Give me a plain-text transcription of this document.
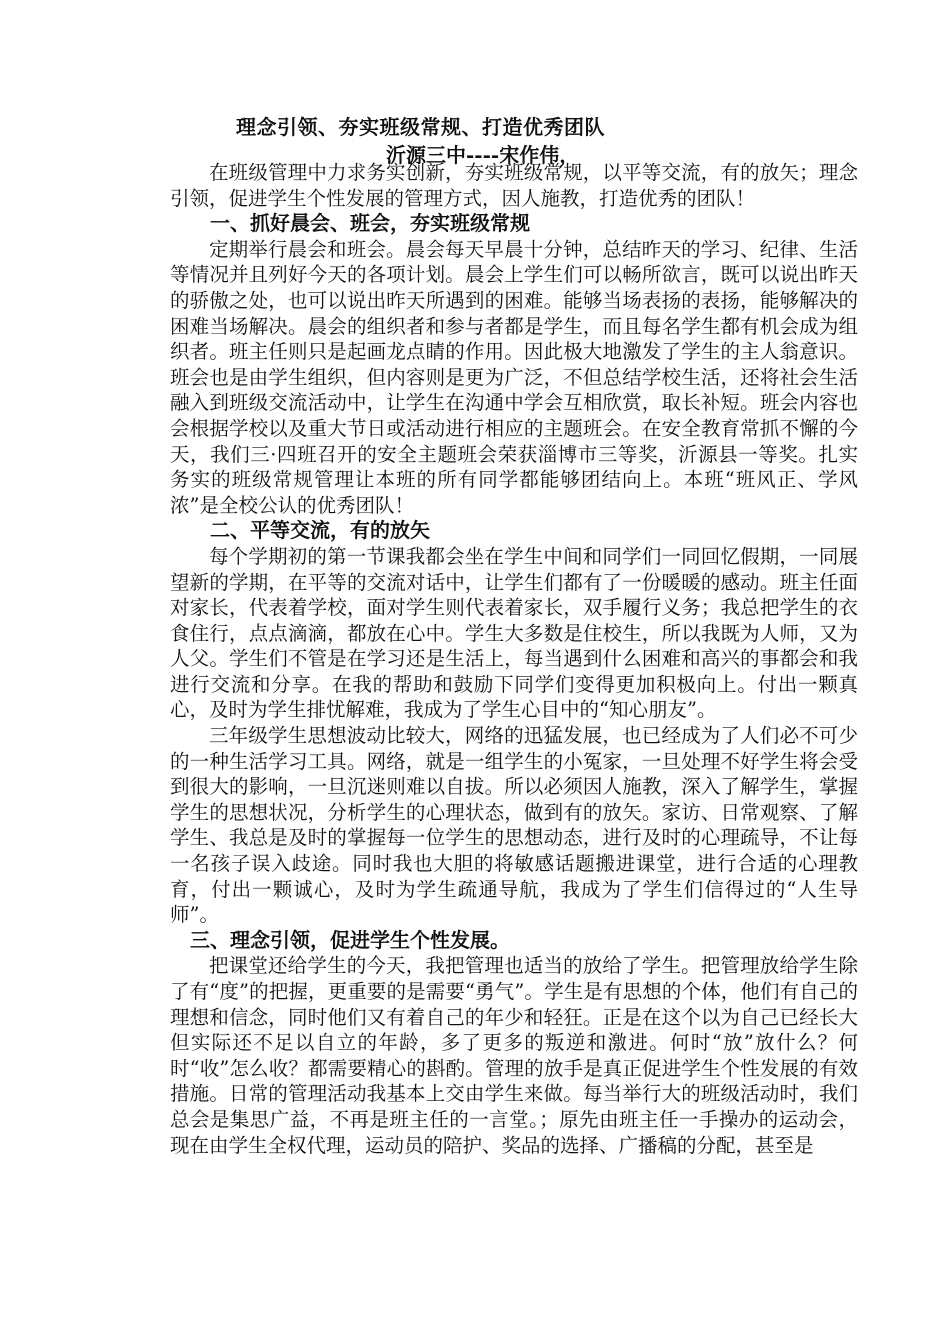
理念引领、夯实班级常规、打造优秀团队
沂源三中----宋作伟，

在班级管理中力求务实创新，夯实班级常规，以平等交流，有的放矢；理念引领，促进学生个性发展的管理方式，因人施教，打造优秀的团队！

一、抓好晨会、班会，夯实班级常规

定期举行晨会和班会。晨会每天早晨十分钟，总结昨天的学习、纪律、生活等情况并且列好今天的各项计划。晨会上学生们可以畅所欲言，既可以说出昨天的骄傲之处，也可以说出昨天所遇到的困难。能够当场表扬的表扬，能够解决的困难当场解决。晨会的组织者和参与者都是学生，而且每名学生都有机会成为组织者。班主任则只是起画龙点睛的作用。因此极大地激发了学生的主人翁意识。班会也是由学生组织，但内容则是更为广泛，不但总结学校生活，还将社会生活融入到班级交流活动中，让学生在沟通中学会互相欣赏，取长补短。班会内容也会根据学校以及重大节日或活动进行相应的主题班会。在安全教育常抓不懈的今天，我们三·四班召开的安全主题班会荣获淄博市三等奖，沂源县一等奖。扎实务实的班级常规管理让本班的所有同学都能够团结向上。本班“班风正、学风浓”是全校公认的优秀团队！

二、平等交流，有的放矢

每个学期初的第一节课我都会坐在学生中间和同学们一同回忆假期，一同展望新的学期，在平等的交流对话中，让学生们都有了一份暖暖的感动。班主任面对家长，代表着学校，面对学生则代表着家长，双手履行义务；我总把学生的衣食住行，点点滴滴，都放在心中。学生大多数是住校生，所以我既为人师，又为人父。学生们不管是在学习还是生活上，每当遇到什么困难和高兴的事都会和我进行交流和分享。在我的帮助和鼓励下同学们变得更加积极向上。付出一颗真心，及时为学生排忧解难，我成为了学生心目中的“知心朋友”。

三年级学生思想波动比较大，网络的迅猛发展，也已经成为了人们必不可少的一种生活学习工具。网络，就是一组学生的小冤家，一旦处理不好学生将会受到很大的影响，一旦沉迷则难以自拔。所以必须因人施教，深入了解学生，掌握学生的思想状况，分析学生的心理状态，做到有的放矢。家访、日常观察、了解学生、我总是及时的掌握每一位学生的思想动态，进行及时的心理疏导，不让每一名孩子误入歧途。同时我也大胆的将敏感话题搬进课堂，进行合适的心理教育，付出一颗诚心，及时为学生疏通导航，我成为了学生们信得过的“人生导师”。

三、理念引领，促进学生个性发展。

把课堂还给学生的今天，我把管理也适当的放给了学生。把管理放给学生除了有“度”的把握，更重要的是需要“勇气”。学生是有思想的个体，他们有自己的理想和信念，同时他们又有着自己的年少和轻狂。正是在这个以为自己已经长大但实际还不足以自立的年龄，多了更多的叛逆和激进。何时“放”放什么？何时“收”怎么收？都需要精心的斟酌。管理的放手是真正促进学生个性发展的有效措施。日常的管理活动我基本上交由学生来做。每当举行大的班级活动时，我们总会是集思广益，不再是班主任的一言堂。；原先由班主任一手操办的运动会，现在由学生全权代理，运动员的陪护、奖品的选择、广播稿的分配，甚至是
